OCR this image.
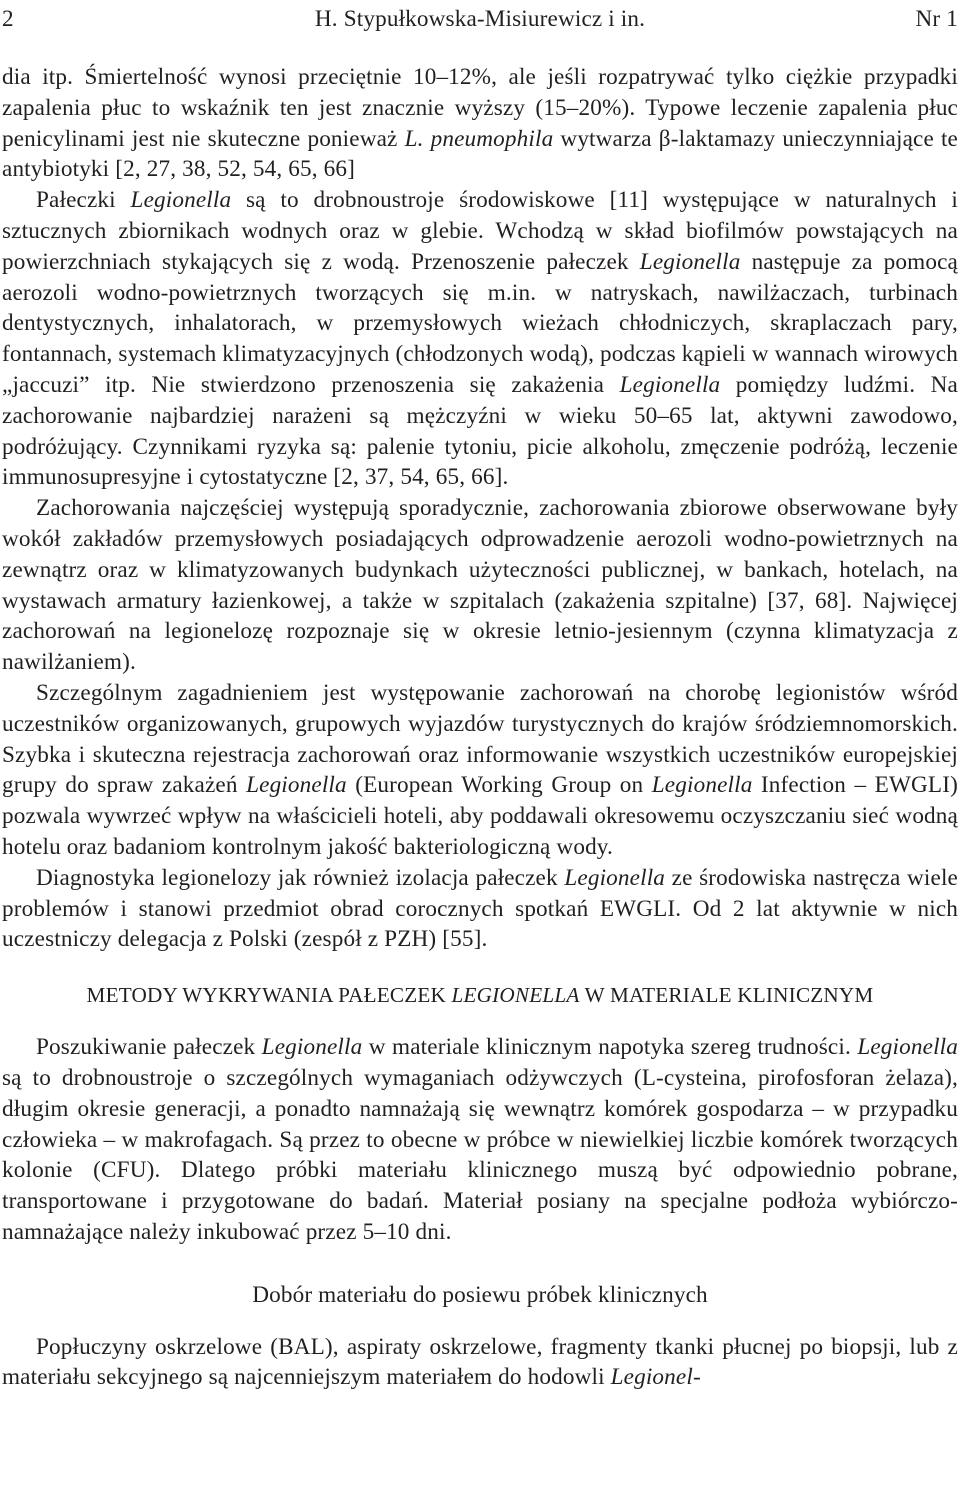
2	H. Stypułkowska-Misiurewicz i in.	Nr 1

dia itp. Śmiertelność wynosi przeciętnie 10–12%, ale jeśli rozpatrywać tylko ciężkie przypadki zapalenia płuc to wskaźnik ten jest znacznie wyższy (15–20%). Typowe leczenie zapalenia płuc penicylinami jest nie skuteczne ponieważ L. pneumophila wytwarza β-laktamazy unieczynniające te antybiotyki [2, 27, 38, 52, 54, 65, 66]

Pałeczki Legionella są to drobnoustroje środowiskowe [11] występujące w naturalnych i sztucznych zbiornikach wodnych oraz w glebie. Wchodzą w skład biofilmów powstających na powierzchniach stykających się z wodą. Przenoszenie pałeczek Legionella następuje za pomocą aerozoli wodno-powietrznych tworzących się m.in. w natryskach, nawilżaczach, turbinach dentystycznych, inhalatorach, w przemysłowych wieżach chłodniczych, skraplaczach pary, fontannach, systemach klimatyzacyjnych (chłodzonych wodą), podczas kąpieli w wannach wirowych „jaccuzi” itp. Nie stwierdzono przenoszenia się zakażenia Legionella pomiędzy ludźmi. Na zachorowanie najbardziej narażeni są mężczyźni w wieku 50–65 lat, aktywni zawodowo, podróżujący. Czynnikami ryzyka są: palenie tytoniu, picie alkoholu, zmęczenie podróżą, leczenie immunosupresyjne i cytostatyczne [2, 37, 54, 65, 66].

Zachorowania najczęściej występują sporadycznie, zachorowania zbiorowe obserwowane były wokół zakładów przemysłowych posiadających odprowadzenie aerozoli wodno-powietrznych na zewnątrz oraz w klimatyzowanych budynkach użyteczności publicznej, w bankach, hotelach, na wystawach armatury łazienkowej, a także w szpitalach (zakażenia szpitalne) [37, 68]. Najwięcej zachorowań na legionelozę rozpoznaje się w okresie letnio-jesiennym (czynna klimatyzacja z nawilżaniem).

Szczególnym zagadnieniem jest występowanie zachorowań na chorobę legionistów wśród uczestników organizowanych, grupowych wyjazdów turystycznych do krajów śródziemnomorskich. Szybka i skuteczna rejestracja zachorowań oraz informowanie wszystkich uczestników europejskiej grupy do spraw zakażeń Legionella (European Working Group on Legionella Infection – EWGLI) pozwala wywrzeć wpływ na właścicieli hoteli, aby poddawali okresowemu oczyszczaniu sieć wodną hotelu oraz badaniom kontrolnym jakość bakteriologiczną wody.

Diagnostyka legionelozy jak również izolacja pałeczek Legionella ze środowiska nastręcza wiele problemów i stanowi przedmiot obrad corocznych spotkań EWGLI. Od 2 lat aktywnie w nich uczestniczy delegacja z Polski (zespół z PZH) [55].

METODY WYKRYWANIA PAŁECZEK LEGIONELLA W MATERIALE KLINICZNYM

Poszukiwanie pałeczek Legionella w materiale klinicznym napotyka szereg trudności. Legionella są to drobnoustroje o szczególnych wymaganiach odżywczych (L-cysteina, pirofosforan żelaza), długim okresie generacji, a ponadto namnażają się wewnątrz komórek gospodarza – w przypadku człowieka – w makrofagach. Są przez to obecne w próbce w niewielkiej liczbie komórek tworzących kolonie (CFU). Dlatego próbki materiału klinicznego muszą być odpowiednio pobrane, transportowane i przygotowane do badań. Materiał posiany na specjalne podłoża wybiórczo-namnażające należy inkubować przez 5–10 dni.

Dobór materiału do posiewu próbek klinicznych

Popłuczyny oskrzelowe (BAL), aspiraty oskrzelowe, fragmenty tkanki płucnej po biopsji, lub z materiału sekcyjnego są najcenniejszym materiałem do hodowli Legionel-
